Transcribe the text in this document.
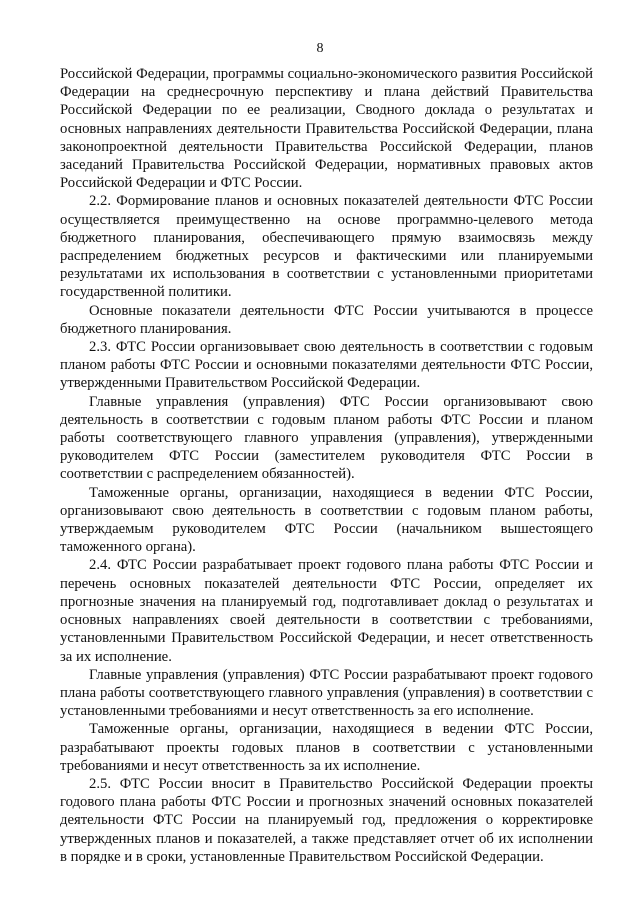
8

Российской Федерации, программы социально-экономического развития Российской Федерации на среднесрочную перспективу и плана действий Правительства Российской Федерации по ее реализации, Сводного доклада о результатах и основных направлениях деятельности Правительства Российской Федерации, плана законопроектной деятельности Правительства Российской Федерации, планов заседаний Правительства Российской Федерации, нормативных правовых актов Российской Федерации и ФТС России.

2.2. Формирование планов и основных показателей деятельности ФТС России осуществляется преимущественно на основе программно-целевого метода бюджетного планирования, обеспечивающего прямую взаимосвязь между распределением бюджетных ресурсов и фактическими или планируемыми результатами их использования в соответствии с установленными приоритетами государственной политики.

Основные показатели деятельности ФТС России учитываются в процессе бюджетного планирования.

2.3. ФТС России организовывает свою деятельность в соответствии с годовым планом работы ФТС России и основными показателями деятельности ФТС России, утвержденными Правительством Российской Федерации.

Главные управления (управления) ФТС России организовывают свою деятельность в соответствии с годовым планом работы ФТС России и планом работы соответствующего главного управления (управления), утвержденными руководителем ФТС России (заместителем руководителя ФТС России в соответствии с распределением обязанностей).

Таможенные органы, организации, находящиеся в ведении ФТС России, организовывают свою деятельность в соответствии с годовым планом работы, утверждаемым руководителем ФТС России (начальником вышестоящего таможенного органа).

2.4. ФТС России разрабатывает проект годового плана работы ФТС России и перечень основных показателей деятельности ФТС России, определяет их прогнозные значения на планируемый год, подготавливает доклад о результатах и основных направлениях своей деятельности в соответствии с требованиями, установленными Правительством Российской Федерации, и несет ответственность за их исполнение.

Главные управления (управления) ФТС России разрабатывают проект годового плана работы соответствующего главного управления (управления) в соответствии с установленными требованиями и несут ответственность за его исполнение.

Таможенные органы, организации, находящиеся в ведении ФТС России, разрабатывают проекты годовых планов в соответствии с установленными требованиями и несут ответственность за их исполнение.

2.5. ФТС России вносит в Правительство Российской Федерации проекты годового плана работы ФТС России и прогнозных значений основных показателей деятельности ФТС России на планируемый год, предложения о корректировке утвержденных планов и показателей, а также представляет отчет об их исполнении в порядке и в сроки, установленные Правительством Российской Федерации.
